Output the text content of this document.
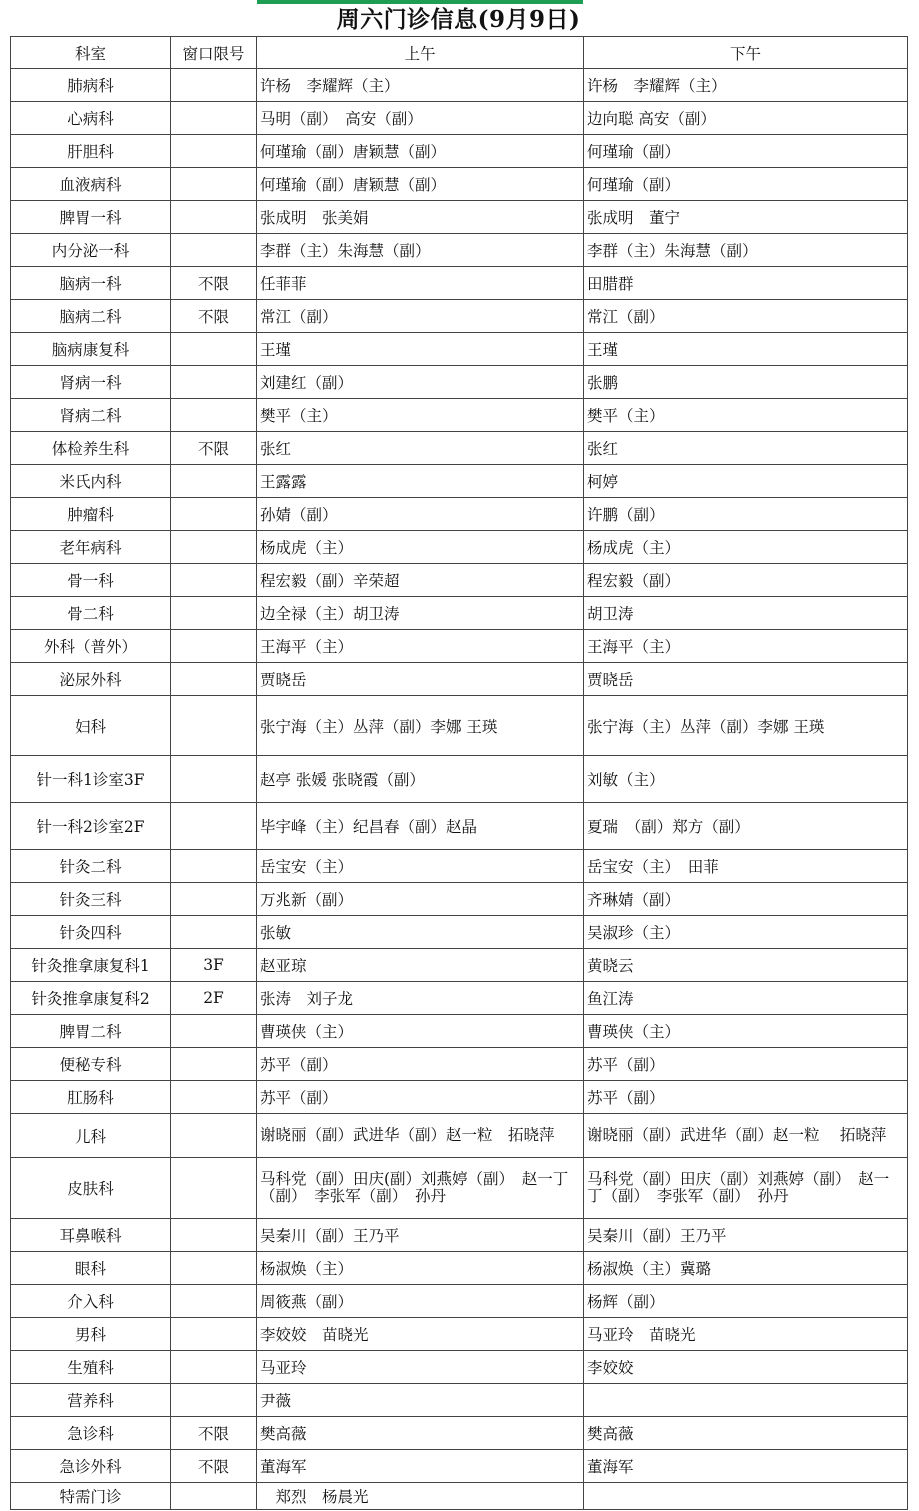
周六门诊信息(9月9日)
科室	窗口限号	上午	下午
肺病科		许杨　李耀辉（主）	许杨　李耀辉（主）
心病科		马明（副）　高安（副）	边向聪 高安（副）
肝胆科		何瑾瑜（副）唐颖慧（副）	何瑾瑜（副）
血液病科		何瑾瑜（副）唐颖慧（副）	何瑾瑜（副）
脾胃一科		张成明　张美娟	张成明　董宁
内分泌一科		李群（主）朱海慧（副）	李群（主）朱海慧（副）
脑病一科	不限	任菲菲	田腊群
脑病二科	不限	常江（副）	常江（副）
脑病康复科		王瑾	王瑾
肾病一科		刘建红（副）	张鹏
肾病二科		樊平（主）	樊平（主）
体检养生科	不限	张红	张红
米氏内科		王露露	柯婷
肿瘤科		孙婧（副）	许鹏（副）
老年病科		杨成虎（主）	杨成虎（主）
骨一科		程宏毅（副）辛荣超	程宏毅（副）
骨二科		边全禄（主）胡卫涛	胡卫涛
外科（普外）		王海平（主）	王海平（主）
泌尿外科		贾晓岳	贾晓岳
妇科		张宁海（主）丛萍（副）李娜 王瑛	张宁海（主）丛萍（副）李娜 王瑛
针一科1诊室3F		赵亭 张媛 张晓霞（副）	刘敏（主）
针一科2诊室2F		毕宇峰（主）纪昌春（副）赵晶	夏瑞　（副）郑方（副）
针灸二科		岳宝安（主）	岳宝安（主）　田菲
针灸三科		万兆新（副）	齐琳婧（副）
针灸四科		张敏	吴淑珍（主）
针灸推拿康复科1	3F	赵亚琼	黄晓云
针灸推拿康复科2	2F	张涛　刘子龙	鱼江涛
脾胃二科		曹瑛侠（主）	曹瑛侠（主）
便秘专科		苏平（副）	苏平（副）
肛肠科		苏平（副）	苏平（副）
儿科		谢晓丽（副）武进华（副）赵一粒　拓晓萍	谢晓丽（副）武进华（副）赵一粒　 拓晓萍
皮肤科		马科党（副）田庆(副）刘燕婷（副）　赵一丁（副）　李张军（副）　孙丹	马科党（副）田庆（副）刘燕婷（副）　赵一丁（副）　李张军（副）　孙丹
耳鼻喉科		吴秦川（副）王乃平	吴秦川（副）王乃平
眼科		杨淑焕（主）	杨淑焕（主）冀璐
介入科		周筱燕（副）	杨辉（副）
男科		李姣姣　苗晓光	马亚玲　苗晓光
生殖科		马亚玲	李姣姣
营养科		尹薇	
急诊科	不限	樊高薇	樊高薇
急诊外科	不限	董海军	董海军
特需门诊		　郑烈　杨晨光	
